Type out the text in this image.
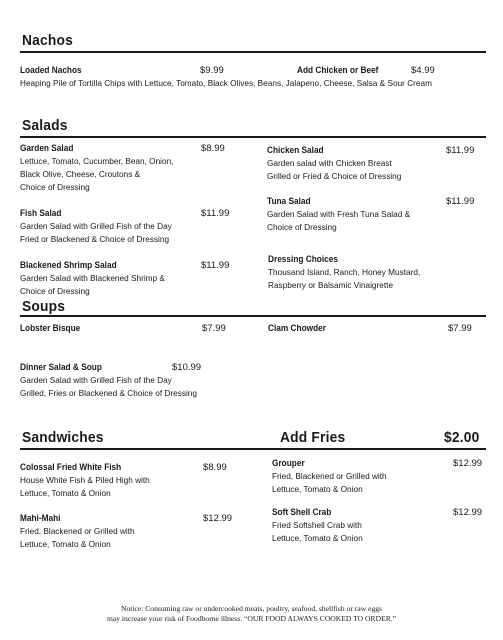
Nachos
Loaded Nachos	$9.99	Add Chicken or Beef	$4.99
Heaping Pile of Tortilla Chips with Lettuce, Tomato, Black Olives, Beans, Jalapeno, Cheese, Salsa & Sour Cream
Salads
Garden Salad	$8.99
Lettuce, Tomato, Cucumber, Bean, Onion,
Black Olive, Cheese, Croutons &
Choice of Dressing
Chicken Salad	$11.99
Garden salad with Chicken Breast
Grilled or Fried & Choice of Dressing
Fish Salad	$11.99
Garden Salad with Grilled Fish of the Day
Fried or Blackened & Choice of Dressing
Tuna Salad	$11.99
Garden Salad with Fresh Tuna Salad &
Choice of Dressing
Blackened Shrimp Salad	$11.99
Garden Salad with Blackened Shrimp &
Choice of Dressing
Dressing Choices
Thousand Island, Ranch, Honey Mustard,
Raspberry or Balsamic Vinaigrette
Soups
Lobster Bisque	$7.99	Clam Chowder	$7.99
Dinner Salad & Soup	$10.99
Garden Salad with Grilled Fish of the Day
Grilled, Fries or Blackened & Choice of Dressing
Sandwiches	Add Fries	$2.00
Colossal Fried White Fish	$8.99
House White Fish & Piled High with
Lettuce, Tomato & Onion
Grouper	$12.99
Fried, Blackened or Grilled with
Lettuce, Tomato & Onion
Mahi-Mahi	$12.99
Fried, Blackened or Grilled with
Lettuce, Tomato & Onion
Soft Shell Crab	$12.99
Fried Softshell Crab with
Lettuce, Tomato & Onion
Notice: Consuming raw or undercooked meats, poultry, seafood, shellfish or raw eggs
may increase your risk of Foodborne illness. “OUR FOOD ALWAYS COOKED TO ORDER.”
